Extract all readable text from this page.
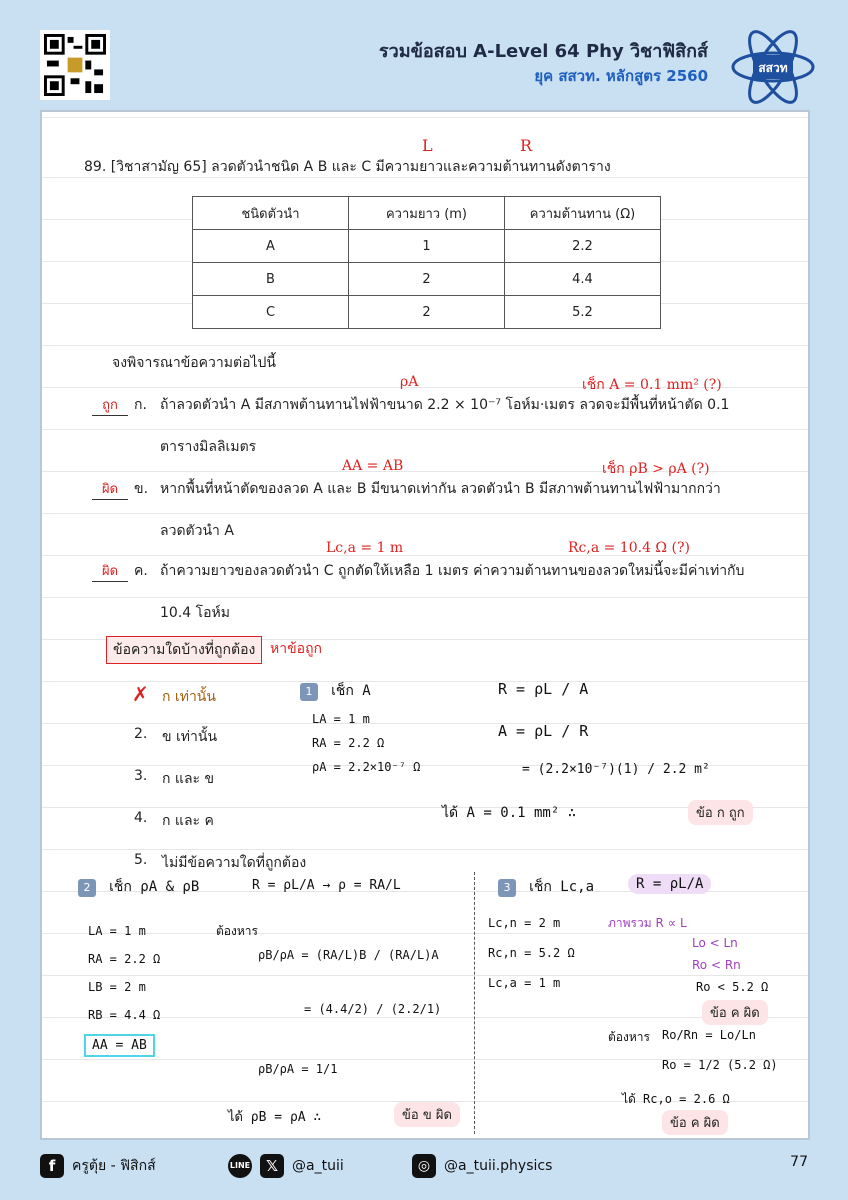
รวมข้อสอบ A-Level 64 Phy วิชาฟิสิกส์
ยุค สสวท. หลักสูตร 2560	สสวท
L	R
89. [วิชาสามัญ 65] ลวดตัวนำชนิด A B และ C มีความยาวและความต้านทานดังตาราง
ชนิดตัวนำ	ความยาว (m)	ความต้านทาน (Ω)
A	1	2.2
B	2	4.4
C	2	5.2
จงพิจารณาข้อความต่อไปนี้
ρA	เช็ก A = 0.1 mm² (?)
ถูก	ก. ถ้าลวดตัวนำ A มีสภาพต้านทานไฟฟ้าขนาด 2.2 × 10⁻⁷ โอห์ม·เมตร ลวดจะมีพื้นที่หน้าตัด 0.1
ตารางมิลลิเมตร
AA = AB	เช็ก ρB > ρA (?)
ผิด	ข. หากพื้นที่หน้าตัดของลวด A และ B มีขนาดเท่ากัน ลวดตัวนำ B มีสภาพต้านทานไฟฟ้ามากกว่า
ลวดตัวนำ A
Lc,a = 1 m	Rc,a = 10.4 Ω (?)
ผิด	ค. ถ้าความยาวของลวดตัวนำ C ถูกตัดให้เหลือ 1 เมตร ค่าความต้านทานของลวดใหม่นี้จะมีค่าเท่ากับ
10.4 โอห์ม
ข้อความใดบ้างที่ถูกต้อง	หาข้อถูก
✗ ก เท่านั้น
2. ข เท่านั้น
3. ก และ ข
4. ก และ ค
5. ไม่มีข้อความใดที่ถูกต้อง
1 เช็ก A
LA = 1 m
RA = 2.2 Ω
ρA = 2.2×10⁻⁷ Ω
R = ρL / A
A = ρL / R
= (2.2×10⁻⁷)(1) / 2.2 m²
ได้ A = 0.1 mm² ∴	ข้อ ก ถูก
2 เช็ก ρA & ρB	R = ρL/A → ρ = RA/L
LA = 1 m
RA = 2.2 Ω
LB = 2 m
RB = 4.4 Ω
AA = AB
ต้องหาร
ρB/ρA = (RA/L)B / (RA/L)A
= (4.4/2) / (2.2/1)
ρB/ρA = 1/1
ได้ ρB = ρA ∴	ข้อ ข ผิด
3 เช็ก Lc,a	R = ρL/A
Lc,n = 2 m
Rc,n = 5.2 Ω
Lc,a = 1 m
ภาพรวม R ∝ L
Lo < Ln
Ro < Rn
Ro < 5.2 Ω
ข้อ ค ผิด
ต้องหาร Ro/Rn = Lo/Ln
Ro = 1/2 (5.2 Ω)
ได้ Rc,o = 2.6 Ω
ข้อ ค ผิด
f	ครูตุ้ย - ฟิสิกส์	LINE	𝕏 @a_tuii	◎ @a_tuii.physics	77
